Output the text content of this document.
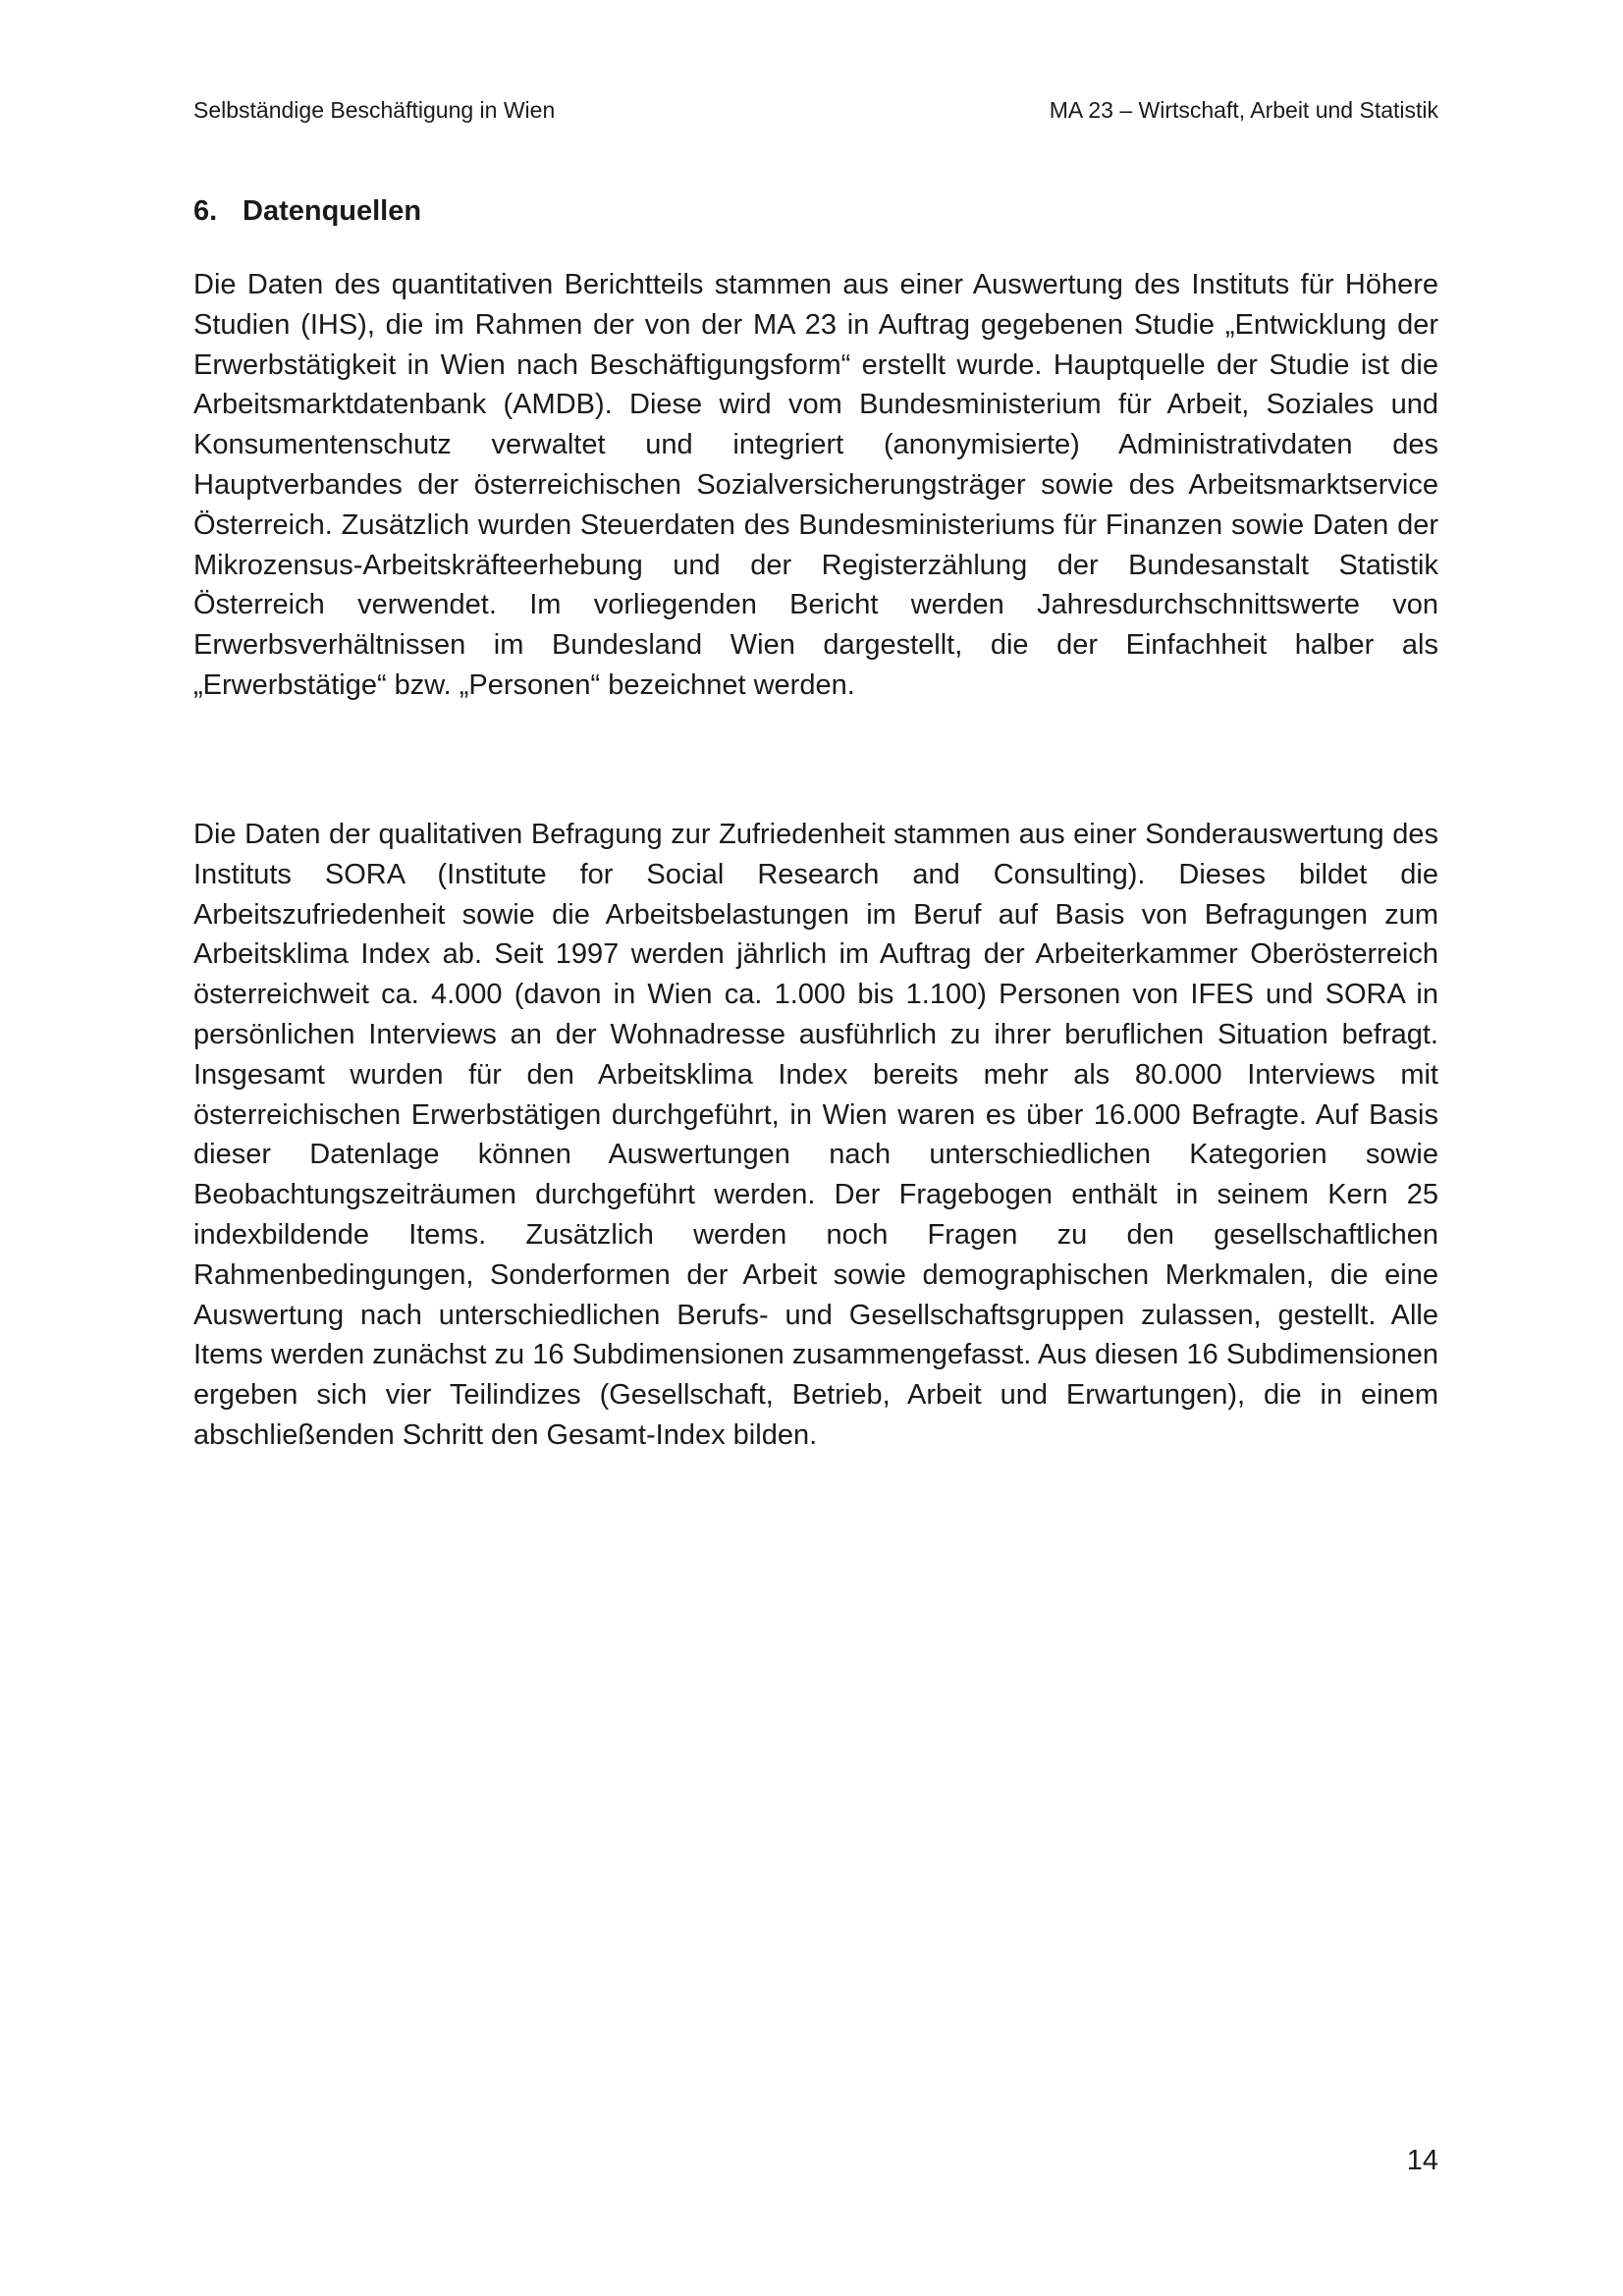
Selbständige Beschäftigung in Wien	MA 23 – Wirtschaft, Arbeit und Statistik
6. Datenquellen

Die Daten des quantitativen Berichtteils stammen aus einer Auswertung des Instituts für Höhere Studien (IHS), die im Rahmen der von der MA 23 in Auftrag gegebenen Studie „Entwicklung der Erwerbstätigkeit in Wien nach Beschäftigungsform“ erstellt wurde. Hauptquelle der Studie ist die Arbeitsmarktdatenbank (AMDB). Diese wird vom Bundesministerium für Arbeit, Soziales und Konsumentenschutz verwaltet und integriert (anonymisierte) Administrativdaten des Hauptverbandes der österreichischen Sozialversicherungsträger sowie des Arbeitsmarktservice Österreich. Zusätzlich wurden Steuerdaten des Bundesministeriums für Finanzen sowie Daten der Mikrozensus-Arbeitskräfteerhebung und der Registerzählung der Bundesanstalt Statistik Österreich verwendet. Im vorliegenden Bericht werden Jahresdurchschnittswerte von Erwerbsverhältnissen im Bundesland Wien dargestellt, die der Einfachheit halber als „Erwerbstätige“ bzw. „Personen“ bezeichnet werden.

Die Daten der qualitativen Befragung zur Zufriedenheit stammen aus einer Sonderauswertung des Instituts SORA (Institute for Social Research and Consulting). Dieses bildet die Arbeitszufriedenheit sowie die Arbeitsbelastungen im Beruf auf Basis von Befragungen zum Arbeitsklima Index ab. Seit 1997 werden jährlich im Auftrag der Arbeiterkammer Oberösterreich österreichweit ca. 4.000 (davon in Wien ca. 1.000 bis 1.100) Personen von IFES und SORA in persönlichen Interviews an der Wohnadresse ausführlich zu ihrer beruflichen Situation befragt. Insgesamt wurden für den Arbeitsklima Index bereits mehr als 80.000 Interviews mit österreichischen Erwerbstätigen durchgeführt, in Wien waren es über 16.000 Befragte. Auf Basis dieser Datenlage können Auswertungen nach unterschiedlichen Kategorien sowie Beobachtungszeiträumen durchgeführt werden. Der Fragebogen enthält in seinem Kern 25 indexbildende Items. Zusätzlich werden noch Fragen zu den gesellschaftlichen Rahmenbedingungen, Sonderformen der Arbeit sowie demographischen Merkmalen, die eine Auswertung nach unterschiedlichen Berufs- und Gesellschaftsgruppen zulassen, gestellt. Alle Items werden zunächst zu 16 Subdimensionen zusammengefasst. Aus diesen 16 Subdimensionen ergeben sich vier Teilindizes (Gesellschaft, Betrieb, Arbeit und Erwartungen), die in einem abschließenden Schritt den Gesamt-Index bilden.

14
